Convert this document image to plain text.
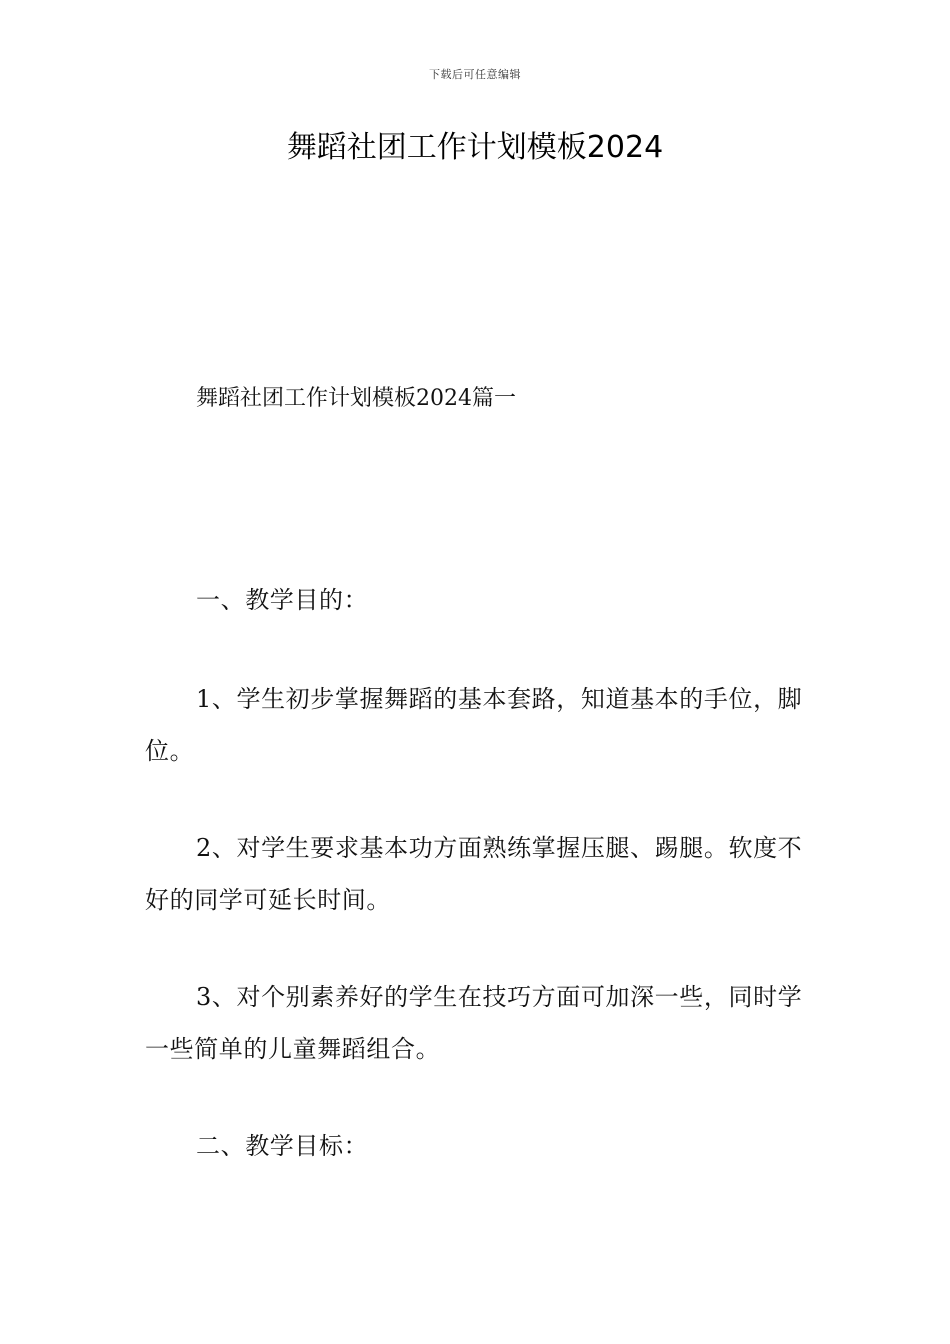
下载后可任意编辑
舞蹈社团工作计划模板2024
舞蹈社团工作计划模板2024篇一

一、教学目的：

1、学生初步掌握舞蹈的基本套路，知道基本的手位，脚位。

2、对学生要求基本功方面熟练掌握压腿、踢腿。软度不好的同学可延长时间。

3、对个别素养好的学生在技巧方面可加深一些，同时学一些简单的儿童舞蹈组合。

二、教学目标：
